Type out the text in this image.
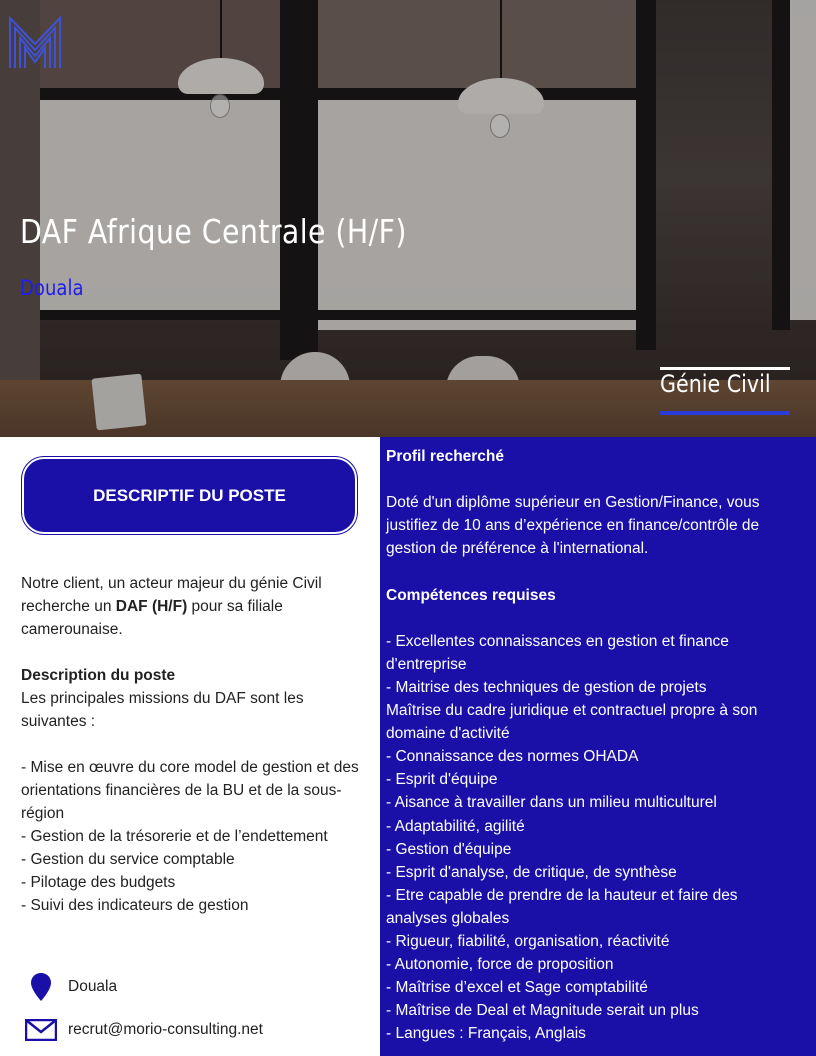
DAF Afrique Centrale (H/F)
Douala
Génie Civil
DESCRIPTIF DU POSTE

Notre client, un acteur majeur du génie Civil recherche un DAF (H/F) pour sa filiale camerounaise.

Description du poste

Les principales missions du DAF sont les suivantes :

- Mise en œuvre du core model de gestion et des orientations financières de la BU et de la sous-région

- Gestion de la trésorerie et de l’endettement

- Gestion du service comptable

- Pilotage des budgets

- Suivi des indicateurs de gestion

Douala
recrut@morio-consulting.net

Profil recherché

Doté d'un diplôme supérieur en Gestion/Finance, vous justifiez de 10 ans d’expérience en finance/contrôle de gestion de préférence à l'international.

Compétences requises

- Excellentes connaissances en gestion et finance d'entreprise

- Maitrise des techniques de gestion de projets

Maîtrise du cadre juridique et contractuel propre à son domaine d'activité

- Connaissance des normes OHADA

- Esprit d'équipe

- Aisance à travailler dans un milieu multiculturel

- Adaptabilité, agilité

- Gestion d'équipe

- Esprit d'analyse, de critique, de synthèse

- Etre capable de prendre de la hauteur et faire des analyses globales

- Rigueur, fiabilité, organisation, réactivité

- Autonomie, force de proposition

- Maîtrise d’excel et Sage comptabilité

- Maîtrise de Deal et Magnitude serait un plus

- Langues : Français, Anglais
